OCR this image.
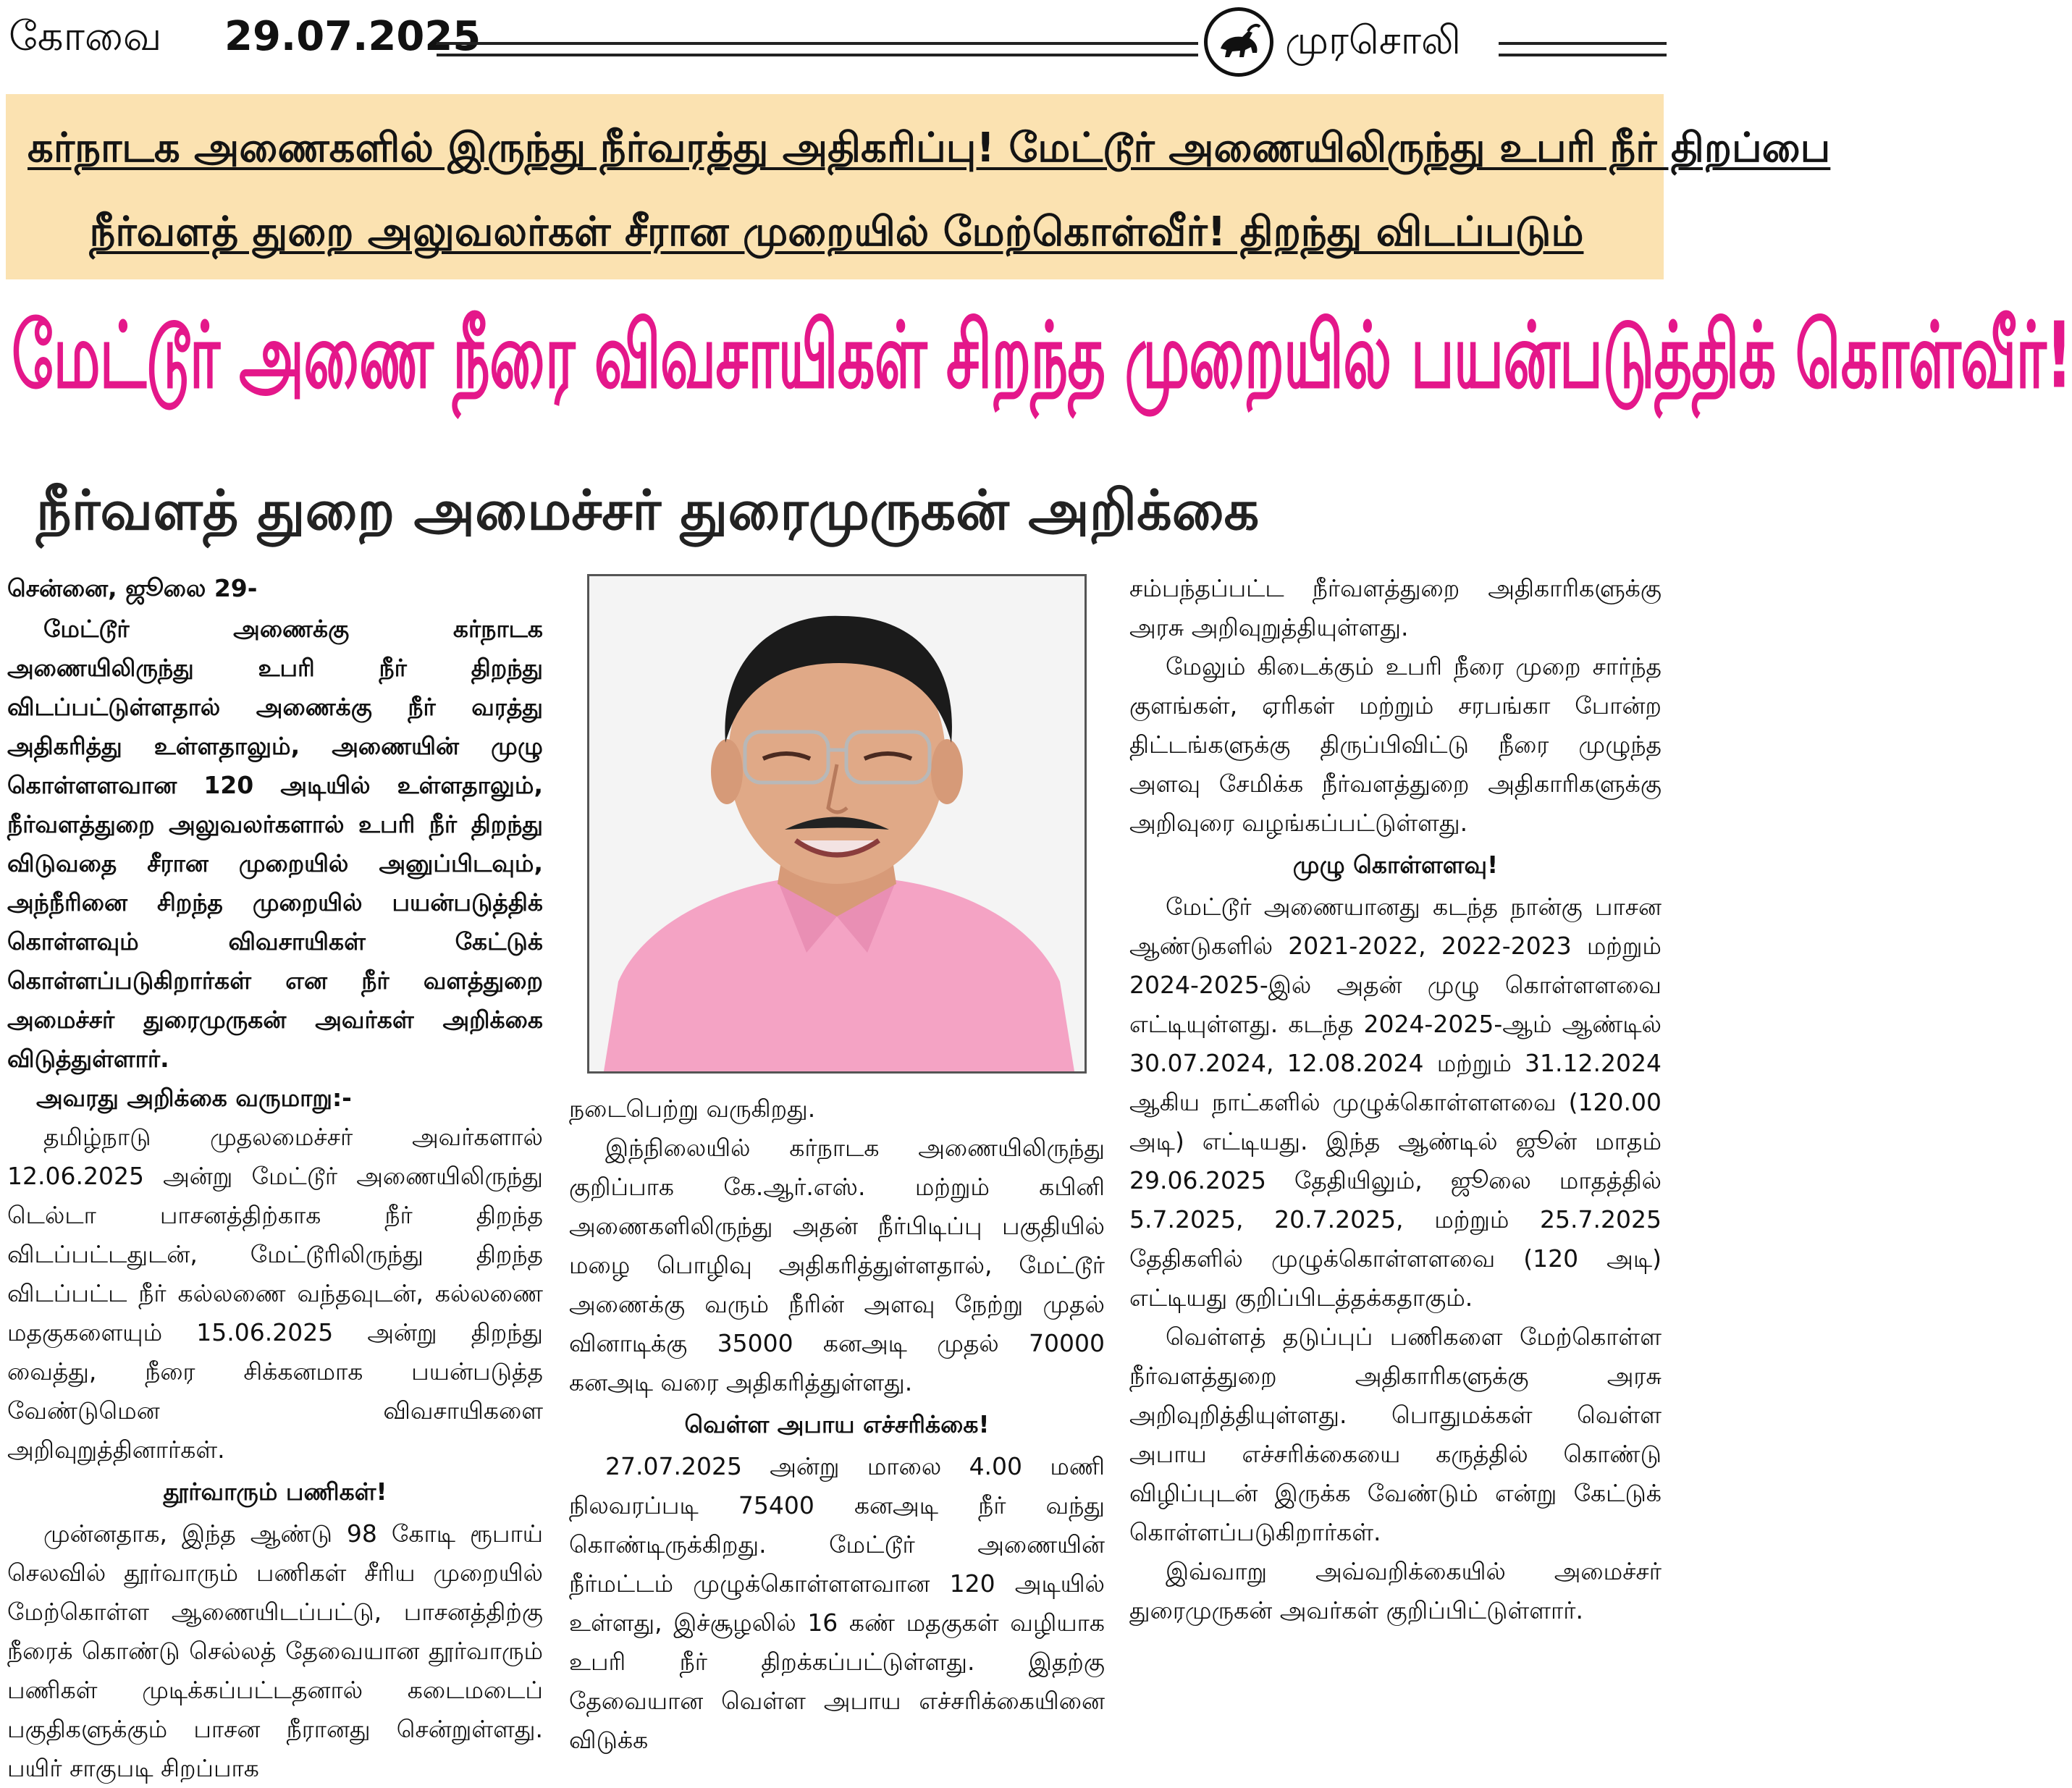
கோவை 29.07.2025	முரசொலி
கர்நாடக அணைகளில் இருந்து நீர்வரத்து அதிகரிப்பு! மேட்டூர் அணையிலிருந்து உபரி நீர் திறப்பை
நீர்வளத் துறை அலுவலர்கள் சீரான முறையில் மேற்கொள்வீர்! திறந்து விடப்படும்
மேட்டூர் அணை நீரை விவசாயிகள் சிறந்த முறையில் பயன்படுத்திக் கொள்வீர்!
நீர்வளத் துறை அமைச்சர் துரைமுருகன் அறிக்கை

சென்னை, ஜூலை 29-

மேட்டூர் அணைக்கு கர்நாடக அணையிலிருந்து உபரி நீர் திறந்து விடப்பட்டுள்ளதால் அணைக்கு நீர் வரத்து அதிகரித்து உள்ளதாலும், அணையின் முழு கொள்ளளவான 120 அடியில் உள்ளதாலும், நீர்வளத்துறை அலுவலர்களால் உபரி நீர் திறந்து விடுவதை சீரான முறையில் அனுப்பிடவும், அந்நீரினை சிறந்த முறையில் பயன்படுத்திக் கொள்ளவும் விவசாயிகள் கேட்டுக் கொள்ளப்படுகிறார்கள் என நீர் வளத்துறை அமைச்சர் துரைமுருகன் அவர்கள் அறிக்கை விடுத்துள்ளார்.

அவரது அறிக்கை வருமாறு:-

தமிழ்நாடு முதலமைச்சர் அவர்களால் 12.06.2025 அன்று மேட்டூர் அணையிலிருந்து டெல்டா பாசனத்திற்காக நீர் திறந்த விடப்பட்டதுடன், மேட்டூரிலிருந்து திறந்த விடப்பட்ட நீர் கல்லணை வந்தவுடன், கல்லணை மதகுகளையும் 15.06.2025 அன்று திறந்து வைத்து, நீரை சிக்கனமாக பயன்படுத்த வேண்டுமென விவசாயிகளை அறிவுறுத்தினார்கள்.

தூர்வாரும் பணிகள்!

முன்னதாக, இந்த ஆண்டு 98 கோடி ரூபாய் செலவில் தூர்வாரும் பணிகள் சீரிய முறையில் மேற்கொள்ள ஆணையிடப்பட்டு, பாசனத்திற்கு நீரைக் கொண்டு செல்லத் தேவையான தூர்வாரும் பணிகள் முடிக்கப்பட்டதனால் கடைமடைப் பகுதிகளுக்கும் பாசன நீரானது சென்றுள்ளது. பயிர் சாகுபடி சிறப்பாக

நடைபெற்று வருகிறது.

இந்நிலையில் கர்நாடக அணையிலிருந்து குறிப்பாக கே.ஆர்.எஸ். மற்றும் கபினி அணைகளிலிருந்து அதன் நீர்பிடிப்பு பகுதியில் மழை பொழிவு அதிகரித்துள்ளதால், மேட்டூர் அணைக்கு வரும் நீரின் அளவு நேற்று முதல் வினாடிக்கு 35000 கனஅடி முதல் 70000 கனஅடி வரை அதிகரித்துள்ளது.

வெள்ள அபாய எச்சரிக்கை!

27.07.2025 அன்று மாலை 4.00 மணி நிலவரப்படி 75400 கனஅடி நீர் வந்து கொண்டிருக்கிறது. மேட்டூர் அணையின் நீர்மட்டம் முழுக்கொள்ளளவான 120 அடியில் உள்ளது, இச்சூழலில் 16 கண் மதகுகள் வழியாக உபரி நீர் திறக்கப்பட்டுள்ளது. இதற்கு தேவையான வெள்ள அபாய எச்சரிக்கையினை விடுக்க

சம்பந்தப்பட்ட நீர்வளத்துறை அதிகாரிகளுக்கு அரசு அறிவுறுத்தியுள்ளது.

மேலும் கிடைக்கும் உபரி நீரை முறை சார்ந்த குளங்கள், ஏரிகள் மற்றும் சரபங்கா போன்ற திட்டங்களுக்கு திருப்பிவிட்டு நீரை முழுந்த அளவு சேமிக்க நீர்வளத்துறை அதிகாரிகளுக்கு அறிவுரை வழங்கப்பட்டுள்ளது.

முழு கொள்ளளவு!

மேட்டூர் அணையானது கடந்த நான்கு பாசன ஆண்டுகளில் 2021-2022, 2022-2023 மற்றும் 2024-2025-இல் அதன் முழு கொள்ளளவை எட்டியுள்ளது. கடந்த 2024-2025-ஆம் ஆண்டில் 30.07.2024, 12.08.2024 மற்றும் 31.12.2024 ஆகிய நாட்களில் முழுக்கொள்ளளவை (120.00 அடி) எட்டியது. இந்த ஆண்டில் ஜூன் மாதம் 29.06.2025 தேதியிலும், ஜூலை மாதத்தில் 5.7.2025, 20.7.2025, மற்றும் 25.7.2025 தேதிகளில் முழுக்கொள்ளளவை (120 அடி) எட்டியது குறிப்பிடத்தக்கதாகும்.

வெள்ளத் தடுப்புப் பணிகளை மேற்கொள்ள நீர்வளத்துறை அதிகாரிகளுக்கு அரசு அறிவுறித்தியுள்ளது. பொதுமக்கள் வெள்ள அபாய எச்சரிக்கையை கருத்தில் கொண்டு விழிப்புடன் இருக்க வேண்டும் என்று கேட்டுக் கொள்ளப்படுகிறார்கள்.

இவ்வாறு அவ்வறிக்கையில் அமைச்சர் துரைமுருகன் அவர்கள் குறிப்பிட்டுள்ளார்.
